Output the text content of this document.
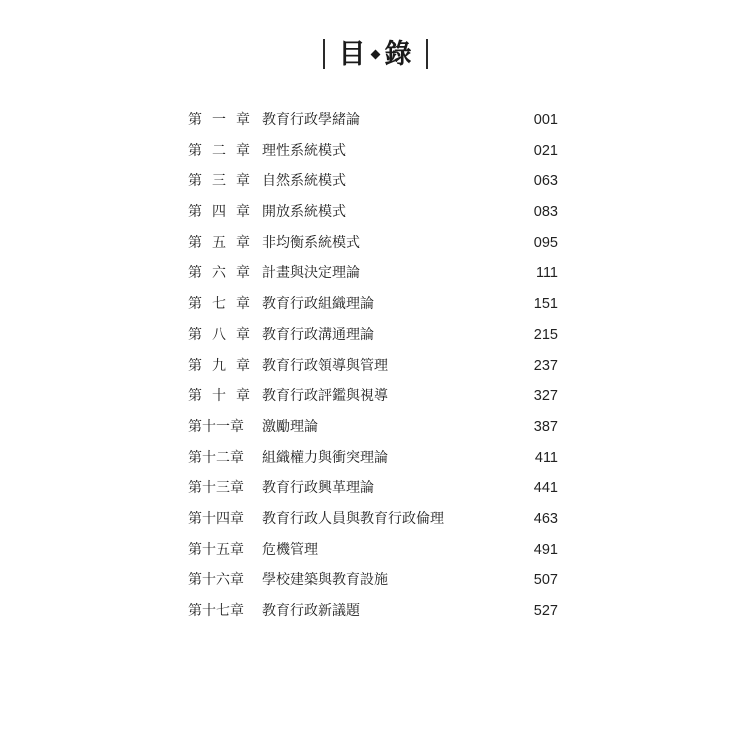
目 錄
第 一 章 教育行政學緒論	001
第 二 章 理性系統模式	021
第 三 章 自然系統模式	063
第 四 章 開放系統模式	083
第 五 章 非均衡系統模式	095
第 六 章 計畫與決定理論	111
第 七 章 教育行政組織理論	151
第 八 章 教育行政溝通理論	215
第 九 章 教育行政領導與管理	237
第 十 章 教育行政評鑑與視導	327
第十一章 激勵理論	387
第十二章 組織權力與衝突理論	411
第十三章 教育行政興革理論	441
第十四章 教育行政人員與教育行政倫理	463
第十五章 危機管理	491
第十六章 學校建築與教育設施	507
第十七章 教育行政新議題	527
